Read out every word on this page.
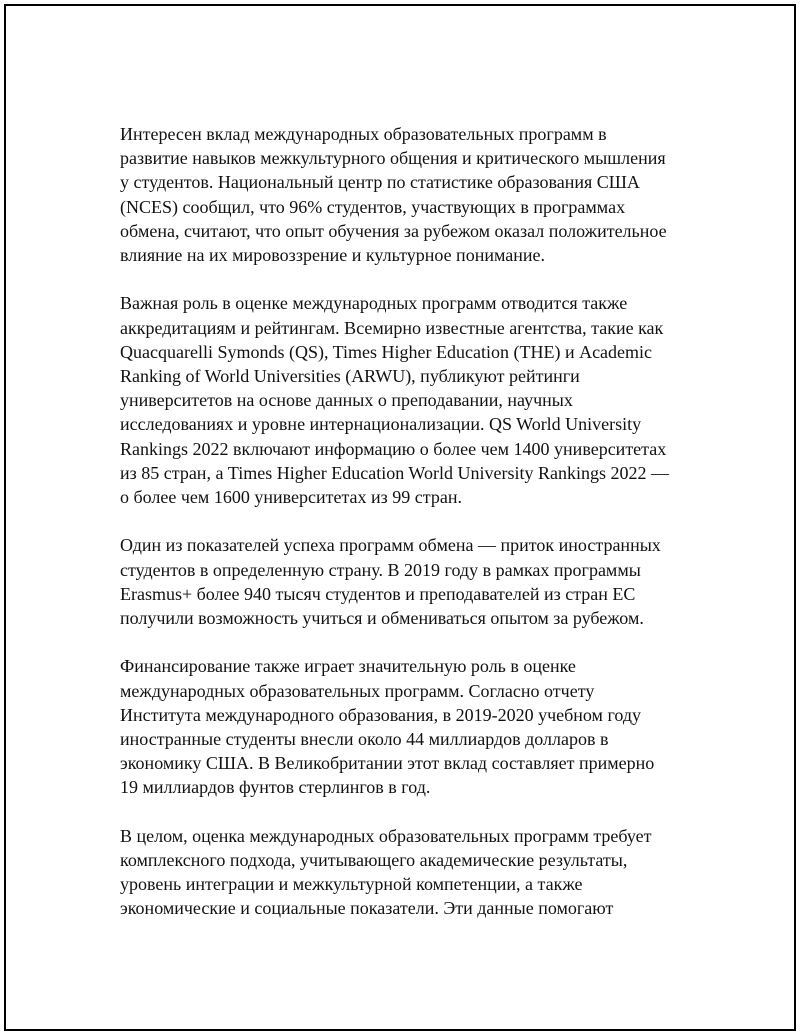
Интересен вклад международных образовательных программ в
развитие навыков межкультурного общения и критического мышления
у студентов. Национальный центр по статистике образования США
(NCES) сообщил, что 96% студентов, участвующих в программах
обмена, считают, что опыт обучения за рубежом оказал положительное
влияние на их мировоззрение и культурное понимание.

Важная роль в оценке международных программ отводится также
аккредитациям и рейтингам. Всемирно известные агентства, такие как
Quacquarelli Symonds (QS), Times Higher Education (THE) и Academic
Ranking of World Universities (ARWU), публикуют рейтинги
университетов на основе данных о преподавании, научных
исследованиях и уровне интернационализации. QS World University
Rankings 2022 включают информацию о более чем 1400 университетах
из 85 стран, а Times Higher Education World University Rankings 2022 —
о более чем 1600 университетах из 99 стран.

Один из показателей успеха программ обмена — приток иностранных
студентов в определенную страну. В 2019 году в рамках программы
Erasmus+ более 940 тысяч студентов и преподавателей из стран ЕС
получили возможность учиться и обмениваться опытом за рубежом.

Финансирование также играет значительную роль в оценке
международных образовательных программ. Согласно отчету
Института международного образования, в 2019-2020 учебном году
иностранные студенты внесли около 44 миллиардов долларов в
экономику США. В Великобритании этот вклад составляет примерно
19 миллиардов фунтов стерлингов в год.

В целом, оценка международных образовательных программ требует
комплексного подхода, учитывающего академические результаты,
уровень интеграции и межкультурной компетенции, а также
экономические и социальные показатели. Эти данные помогают
